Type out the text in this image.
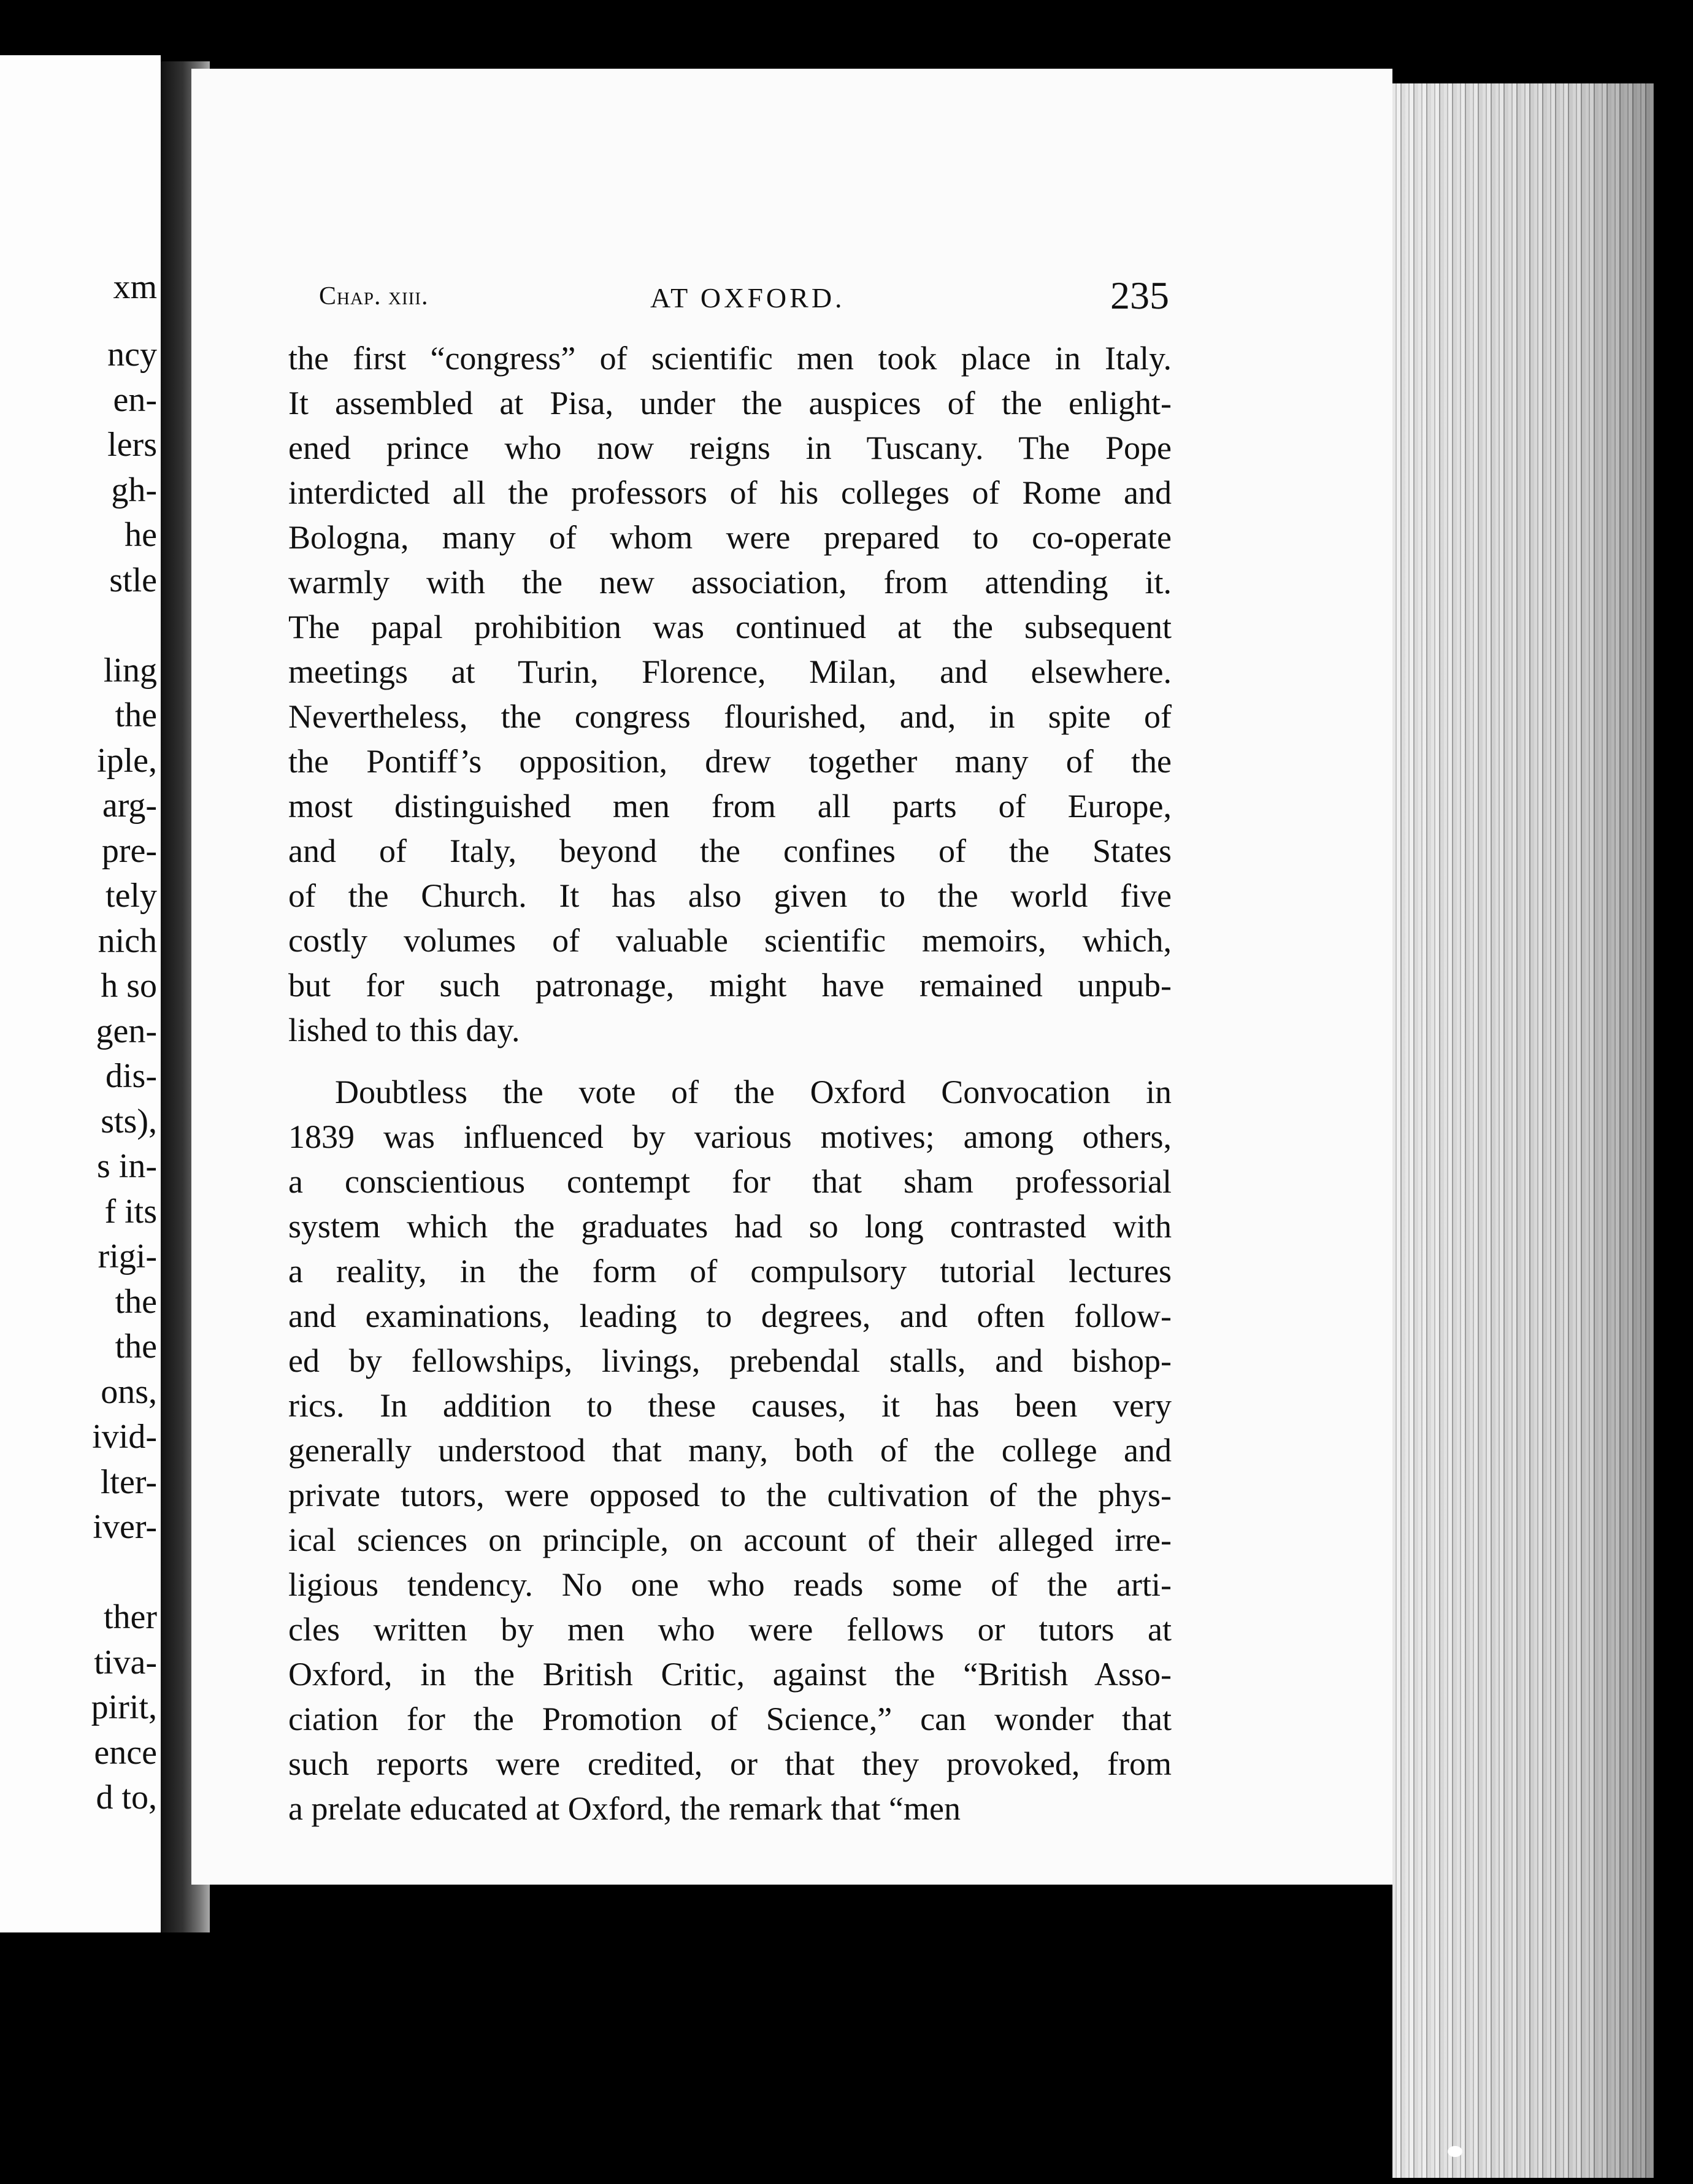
xm
ncy
en-
lers
gh-
he
stle
ling
the
iple,
arg-
pre-
tely
nich
h so
gen-
dis-
sts),
s in-
f its
rigi-
the
the
ons,
ivid-
lter-
iver-
ther
tiva-
pirit,
ence
d to,
Chap. xiii.	AT OXFORD.	235
the first “congress” of scientific men took place in Italy.
It assembled at Pisa, under the auspices of the enlight-
ened prince who now reigns in Tuscany. The Pope
interdicted all the professors of his colleges of Rome and
Bologna, many of whom were prepared to co-operate
warmly with the new association, from attending it.
The papal prohibition was continued at the subsequent
meetings at Turin, Florence, Milan, and elsewhere.
Nevertheless, the congress flourished, and, in spite of
the Pontiff’s opposition, drew together many of the
most distinguished men from all parts of Europe,
and of Italy, beyond the confines of the States
of the Church. It has also given to the world five
costly volumes of valuable scientific memoirs, which,
but for such patronage, might have remained unpub-
lished to this day.
Doubtless the vote of the Oxford Convocation in
1839 was influenced by various motives; among others,
a conscientious contempt for that sham professorial
system which the graduates had so long contrasted with
a reality, in the form of compulsory tutorial lectures
and examinations, leading to degrees, and often follow-
ed by fellowships, livings, prebendal stalls, and bishop-
rics. In addition to these causes, it has been very
generally understood that many, both of the college and
private tutors, were opposed to the cultivation of the phys-
ical sciences on principle, on account of their alleged irre-
ligious tendency. No one who reads some of the arti-
cles written by men who were fellows or tutors at
Oxford, in the British Critic, against the “British Asso-
ciation for the Promotion of Science,” can wonder that
such reports were credited, or that they provoked, from
a prelate educated at Oxford, the remark that “men
